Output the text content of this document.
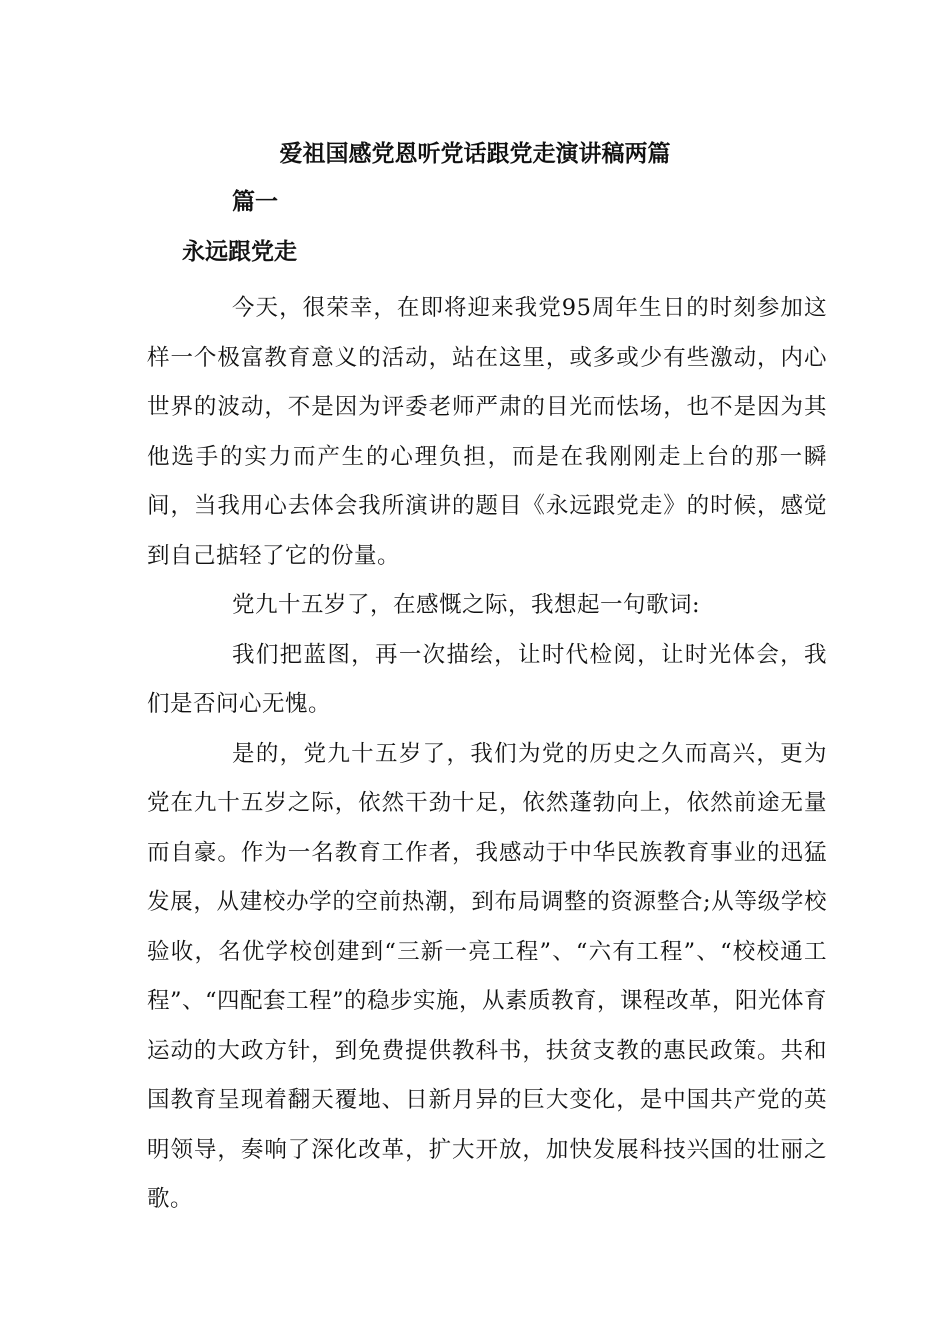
爱祖国感党恩听党话跟党走演讲稿两篇
篇一
永远跟党走

今天，很荣幸，在即将迎来我党95周年生日的时刻参加这样一个极富教育意义的活动，站在这里，或多或少有些激动，内心世界的波动，不是因为评委老师严肃的目光而怯场，也不是因为其他选手的实力而产生的心理负担，而是在我刚刚走上台的那一瞬间，当我用心去体会我所演讲的题目《永远跟党走》的时候，感觉到自己掂轻了它的份量。

党九十五岁了，在感慨之际，我想起一句歌词:

我们把蓝图，再一次描绘，让时代检阅，让时光体会，我们是否问心无愧。

是的，党九十五岁了，我们为党的历史之久而高兴，更为党在九十五岁之际，依然干劲十足，依然蓬勃向上，依然前途无量而自豪。作为一名教育工作者，我感动于中华民族教育事业的迅猛发展，从建校办学的空前热潮，到布局调整的资源整合;从等级学校验收，名优学校创建到“三新一亮工程”、“六有工程”、“校校通工程”、“四配套工程”的稳步实施，从素质教育，课程改革，阳光体育运动的大政方针，到免费提供教科书，扶贫支教的惠民政策。共和国教育呈现着翻天覆地、日新月异的巨大变化，是中国共产党的英明领导，奏响了深化改革，扩大开放，加快发展科技兴国的壮丽之歌。
